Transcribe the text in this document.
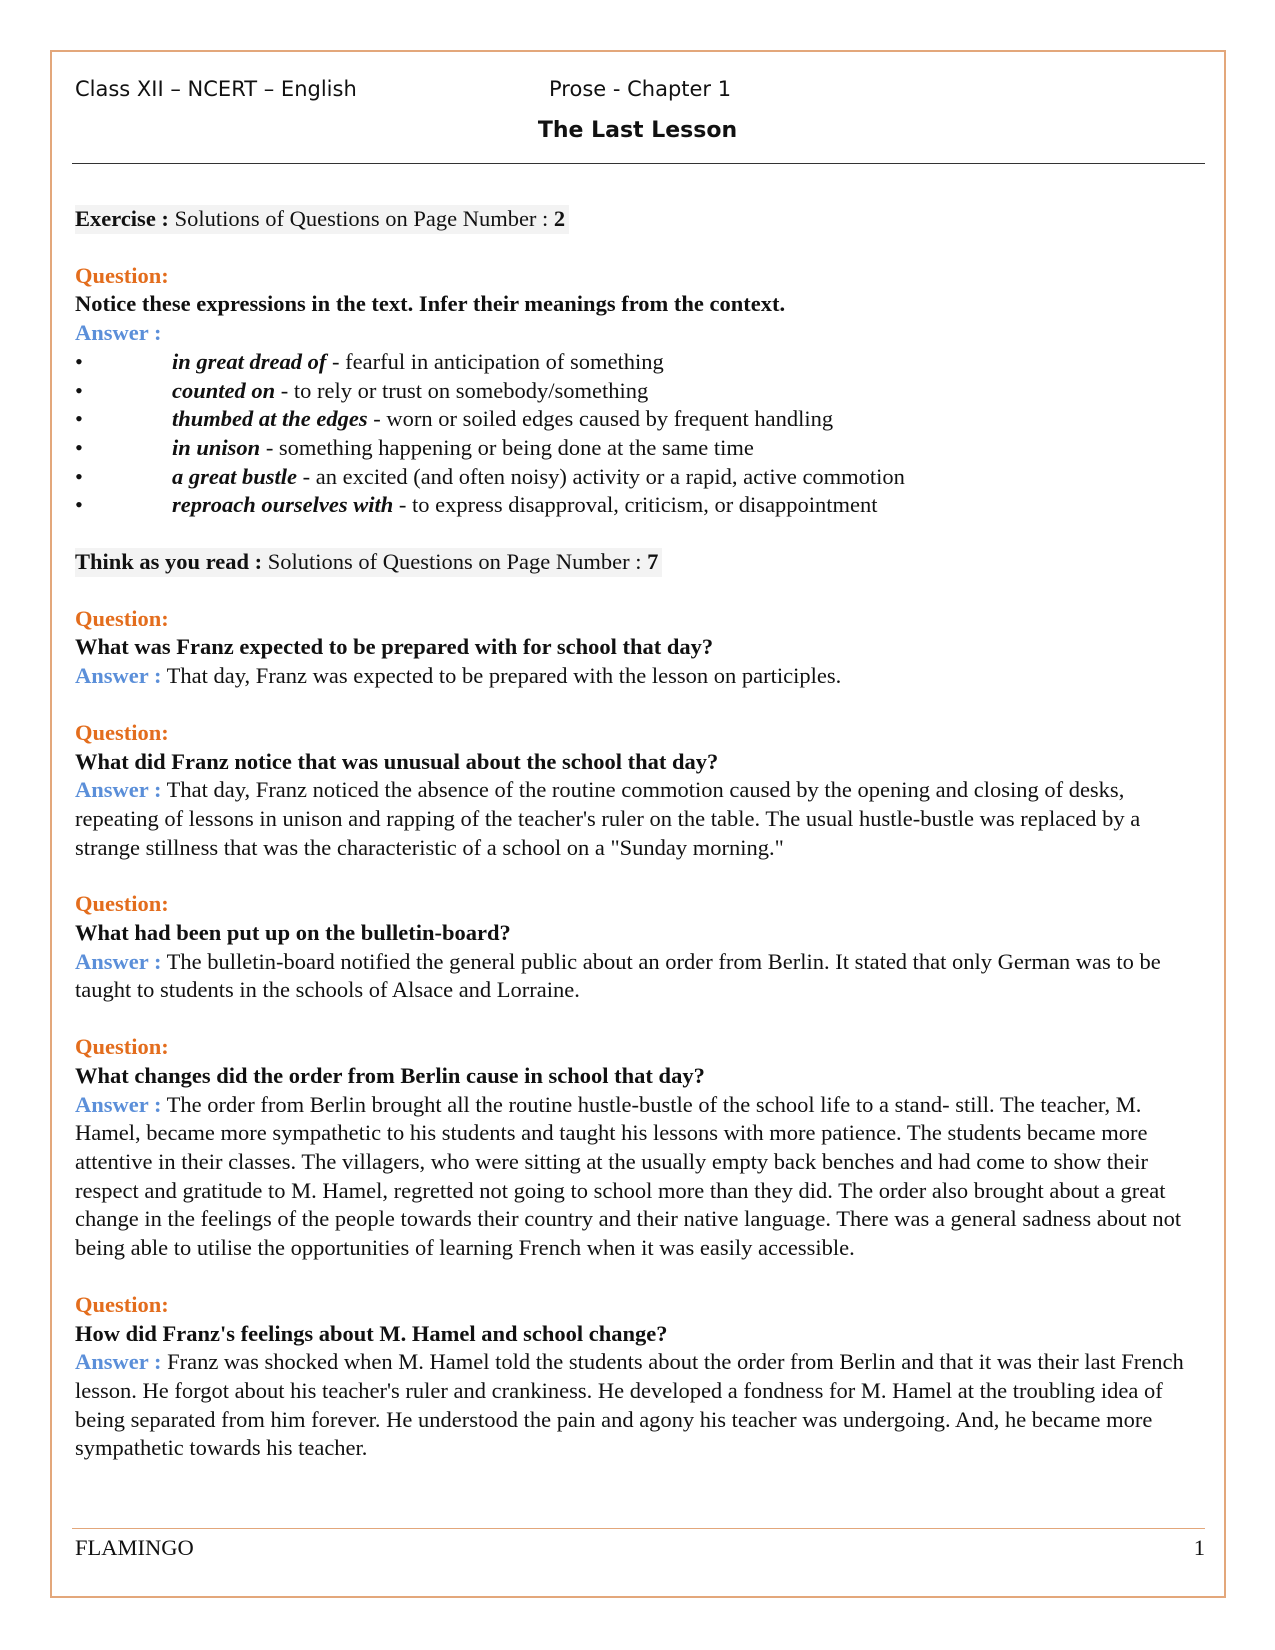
Class XII – NCERT – English	Prose - Chapter 1
The Last Lesson
Exercise : Solutions of Questions on Page Number : 2
Question:
Notice these expressions in the text. Infer their meanings from the context.
Answer :
•	in great dread of - fearful in anticipation of something
•	counted on - to rely or trust on somebody/something
•	thumbed at the edges - worn or soiled edges caused by frequent handling
•	in unison - something happening or being done at the same time
•	a great bustle - an excited (and often noisy) activity or a rapid, active commotion
•	reproach ourselves with - to express disapproval, criticism, or disappointment
Think as you read : Solutions of Questions on Page Number : 7
Question:
What was Franz expected to be prepared with for school that day?
Answer : That day, Franz was expected to be prepared with the lesson on participles.
Question:
What did Franz notice that was unusual about the school that day?
Answer : That day, Franz noticed the absence of the routine commotion caused by the opening and closing of desks, repeating of lessons in unison and rapping of the teacher's ruler on the table. The usual hustle-bustle was replaced by a strange stillness that was the characteristic of a school on a "Sunday morning."
Question:
What had been put up on the bulletin-board?
Answer : The bulletin-board notified the general public about an order from Berlin. It stated that only German was to be taught to students in the schools of Alsace and Lorraine.
Question:
What changes did the order from Berlin cause in school that day?
Answer : The order from Berlin brought all the routine hustle-bustle of the school life to a stand- still. The teacher, M. Hamel, became more sympathetic to his students and taught his lessons with more patience. The students became more attentive in their classes. The villagers, who were sitting at the usually empty back benches and had come to show their respect and gratitude to M. Hamel, regretted not going to school more than they did. The order also brought about a great change in the feelings of the people towards their country and their native language. There was a general sadness about not being able to utilise the opportunities of learning French when it was easily accessible.
Question:
How did Franz's feelings about M. Hamel and school change?
Answer : Franz was shocked when M. Hamel told the students about the order from Berlin and that it was their last French lesson. He forgot about his teacher's ruler and crankiness. He developed a fondness for M. Hamel at the troubling idea of being separated from him forever. He understood the pain and agony his teacher was undergoing. And, he became more sympathetic towards his teacher.
FLAMINGO	1
